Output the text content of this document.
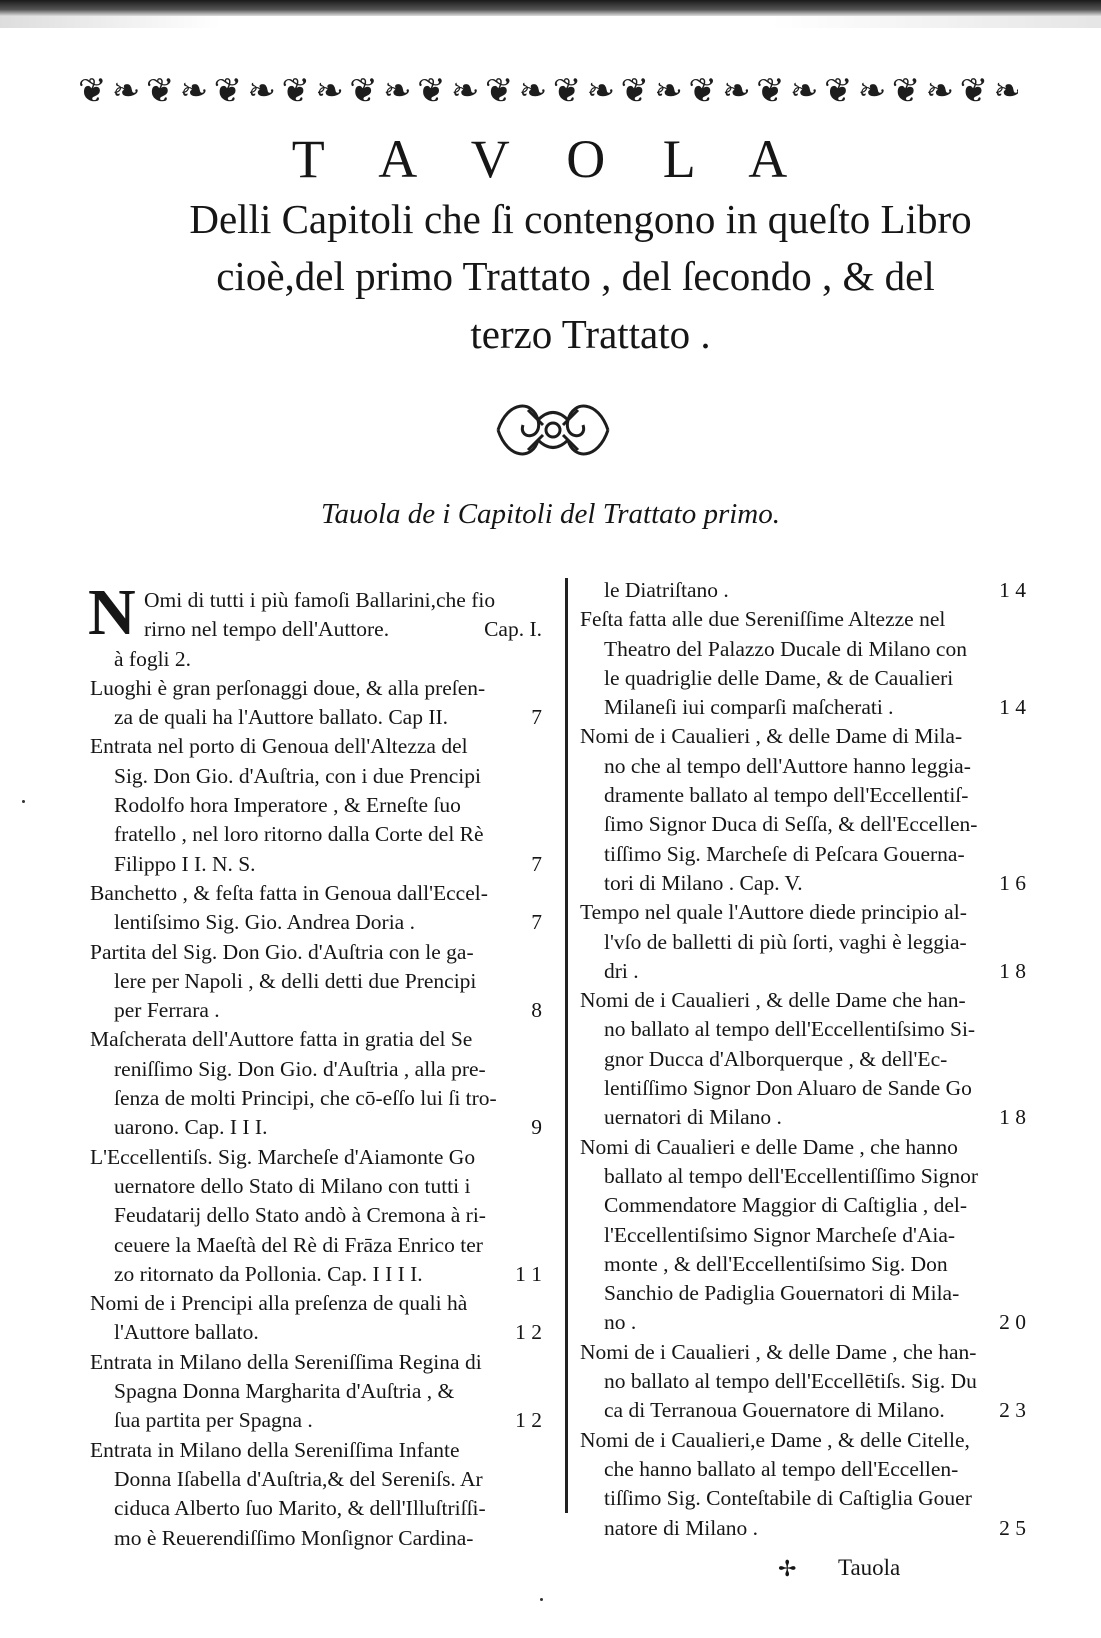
❦ ❧ ❦ ❧ ❦ ❧ ❦ ❧ ❦ ❧ ❦ ❧ ❦ ❧ ❦ ❧ ❦ ❧ ❦ ❧ ❦ ❧ ❦ ❧ ❦ ❧ ❦ ❧
T A V O L A
Delli Capitoli che ſi contengono in queſto Libro
cioè,del primo Trattato , del ſecondo , & del
terzo Trattato .
Tauola de i Capitoli del Trattato primo.
N Omi di tutti i più famoſi Ballarini,che fio
rirno nel tempo dell'Auttore.	Cap. I.
à fogli 2.
Luoghi è gran perſonaggi doue, & alla preſen-
za de quali ha l'Auttore ballato. Cap II.	7
Entrata nel porto di Genoua dell'Altezza del
Sig. Don Gio. d'Auſtria, con i due Prencipi
Rodolfo hora Imperatore , & Erneſte ſuo
fratello , nel loro ritorno dalla Corte del Rè
Filippo I I. N. S.	7
Banchetto , & feſta fatta in Genoua dall'Eccel-
lentiſsimo Sig. Gio. Andrea Doria .	7
Partita del Sig. Don Gio. d'Auſtria con le ga-
lere per Napoli , & delli detti due Prencipi
per Ferrara .	8
Maſcherata dell'Auttore fatta in gratia del Se
reniſſimo Sig. Don Gio. d'Auſtria , alla pre-
ſenza de molti Principi, che cō-eſſo lui ſi tro-
uarono. Cap. I I I.	9
L'Eccellentiſs. Sig. Marcheſe d'Aiamonte Go
uernatore dello Stato di Milano con tutti i
Feudatarij dello Stato andò à Cremona à ri-
ceuere la Maeſtà del Rè di Frāza Enrico ter
zo ritornato da Pollonia. Cap. I I I I.	1 1
Nomi de i Prencipi alla preſenza de quali hà
l'Auttore ballato.	1 2
Entrata in Milano della Sereniſſima Regina di
Spagna Donna Margharita d'Auſtria , &
ſua partita per Spagna .	1 2
Entrata in Milano della Sereniſſima Infante
Donna Iſabella d'Auſtria,& del Sereniſs. Ar
ciduca Alberto ſuo Marito, & dell'Illuſtriſſi-
mo è Reuerendiſſimo Monſignor Cardina-
le Diatriſtano .	1 4
Feſta fatta alle due Sereniſſime Altezze nel
Theatro del Palazzo Ducale di Milano con
le quadriglie delle Dame, & de Caualieri
Milaneſi iui comparſi maſcherati .	1 4
Nomi de i Caualieri , & delle Dame di Mila-
no che al tempo dell'Auttore hanno leggia-
dramente ballato al tempo dell'Eccellentiſ-
ſimo Signor Duca di Seſſa, & dell'Eccellen-
tiſſimo Sig. Marcheſe di Peſcara Gouerna-
tori di Milano . Cap. V.	1 6
Tempo nel quale l'Auttore diede principio al-
l'vſo de balletti di più ſorti, vaghi è leggia-
dri .	1 8
Nomi de i Caualieri , & delle Dame che han-
no ballato al tempo dell'Eccellentiſsimo Si-
gnor Ducca d'Alborquerque , & dell'Ec-
lentiſſimo Signor Don Aluaro de Sande Go
uernatori di Milano .	1 8
Nomi di Caualieri e delle Dame , che hanno
ballato al tempo dell'Eccellentiſſimo Signor
Commendatore Maggior di Caſtiglia , del-
l'Eccellentiſsimo Signor Marcheſe d'Aia-
monte , & dell'Eccellentiſsimo Sig. Don
Sanchio de Padiglia Gouernatori di Mila-
no .	2 0
Nomi de i Caualieri , & delle Dame , che han-
no ballato al tempo dell'Eccellētiſs. Sig. Du
ca di Terranoua Gouernatore di Milano.	2 3
Nomi de i Caualieri,e Dame , & delle Citelle,
che hanno ballato al tempo dell'Eccellen-
tiſſimo Sig. Conteſtabile di Caſtiglia Gouer
natore di Milano .	2 5
✢ Tauola
